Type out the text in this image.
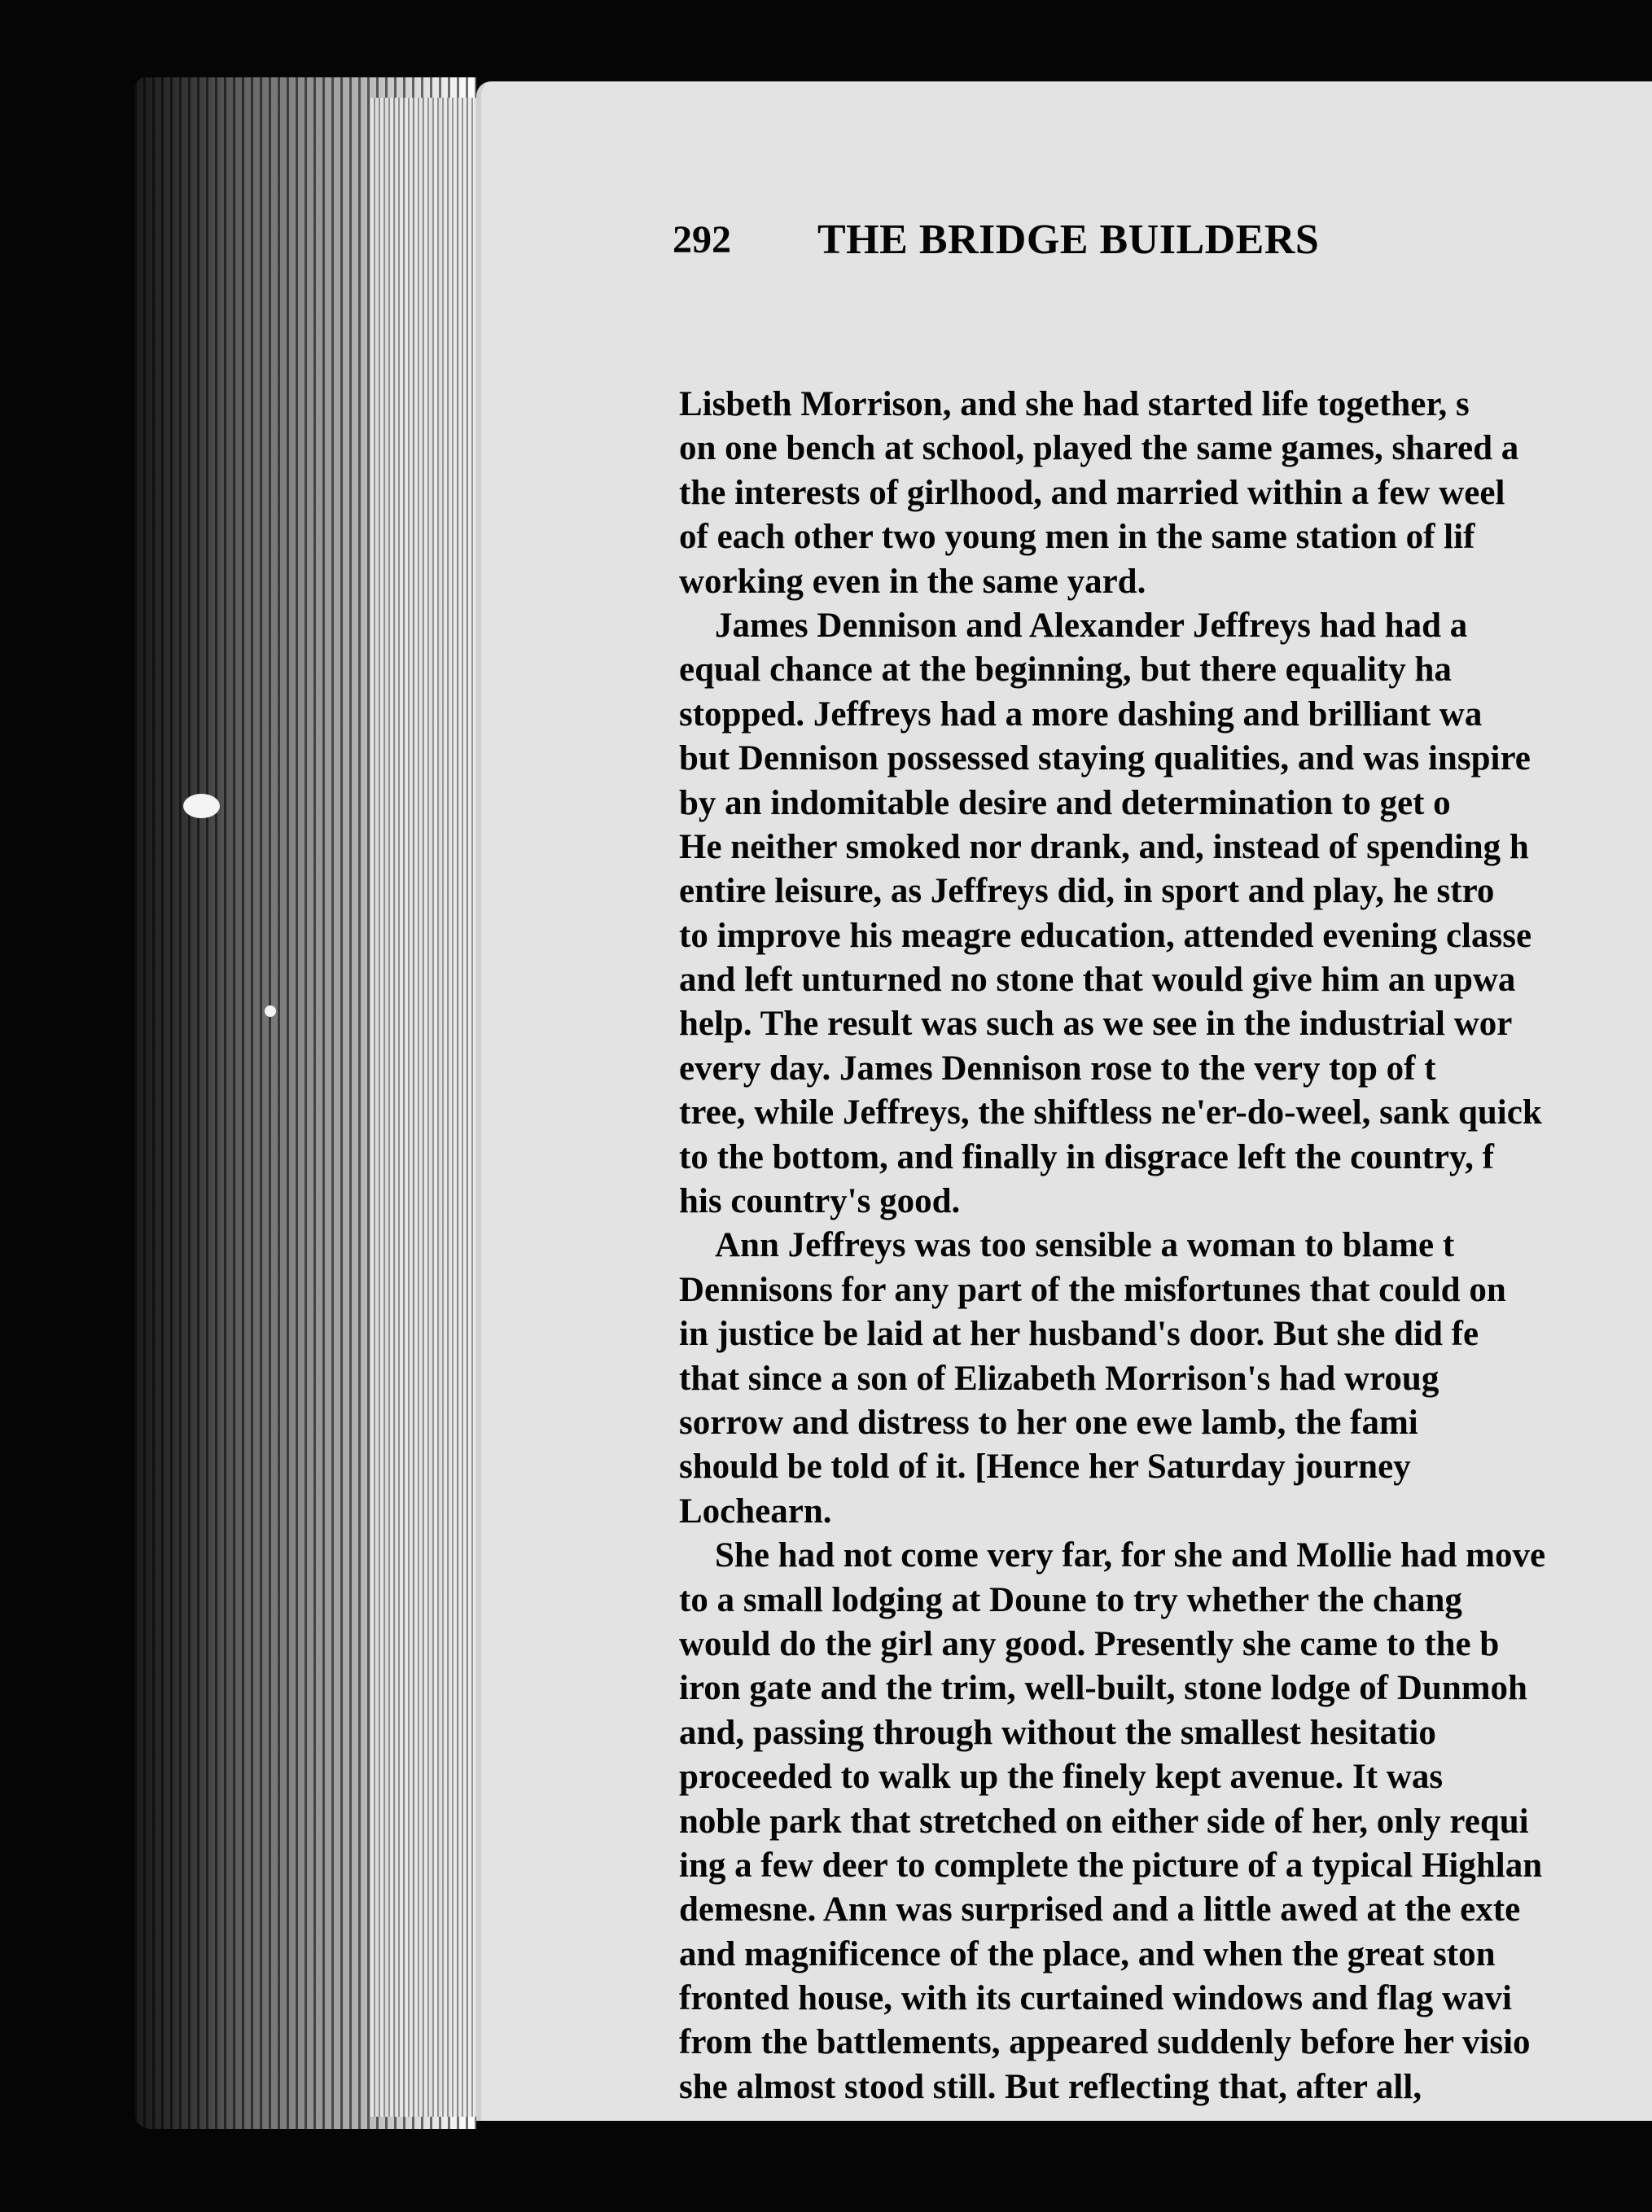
292 THE BRIDGE BUILDERS
Lisbeth Morrison, and she had started life together, s
on one bench at school, played the same games, shared a
the interests of girlhood, and married within a few weel
of each other two young men in the same station of lif
working even in the same yard.
James Dennison and Alexander Jeffreys had had a
equal chance at the beginning, but there equality ha
stopped. Jeffreys had a more dashing and brilliant wa
but Dennison possessed staying qualities, and was inspire
by an indomitable desire and determination to get o
He neither smoked nor drank, and, instead of spending h
entire leisure, as Jeffreys did, in sport and play, he stro
to improve his meagre education, attended evening classe
and left unturned no stone that would give him an upwa
help. The result was such as we see in the industrial wor
every day. James Dennison rose to the very top of t
tree, while Jeffreys, the shiftless ne'er-do-weel, sank quick
to the bottom, and finally in disgrace left the country, f
his country's good.
Ann Jeffreys was too sensible a woman to blame t
Dennisons for any part of the misfortunes that could on
in justice be laid at her husband's door. But she did fe
that since a son of Elizabeth Morrison's had wroug
sorrow and distress to her one ewe lamb, the fami
should be told of it. [Hence her Saturday journey
Lochearn.
She had not come very far, for she and Mollie had move
to a small lodging at Doune to try whether the chang
would do the girl any good. Presently she came to the b
iron gate and the trim, well-built, stone lodge of Dunmoh
and, passing through without the smallest hesitatio
proceeded to walk up the finely kept avenue. It was
noble park that stretched on either side of her, only requi
ing a few deer to complete the picture of a typical Highlan
demesne. Ann was surprised and a little awed at the exte
and magnificence of the place, and when the great ston
fronted house, with its curtained windows and flag wavi
from the battlements, appeared suddenly before her visio
she almost stood still. But reflecting that, after all,
